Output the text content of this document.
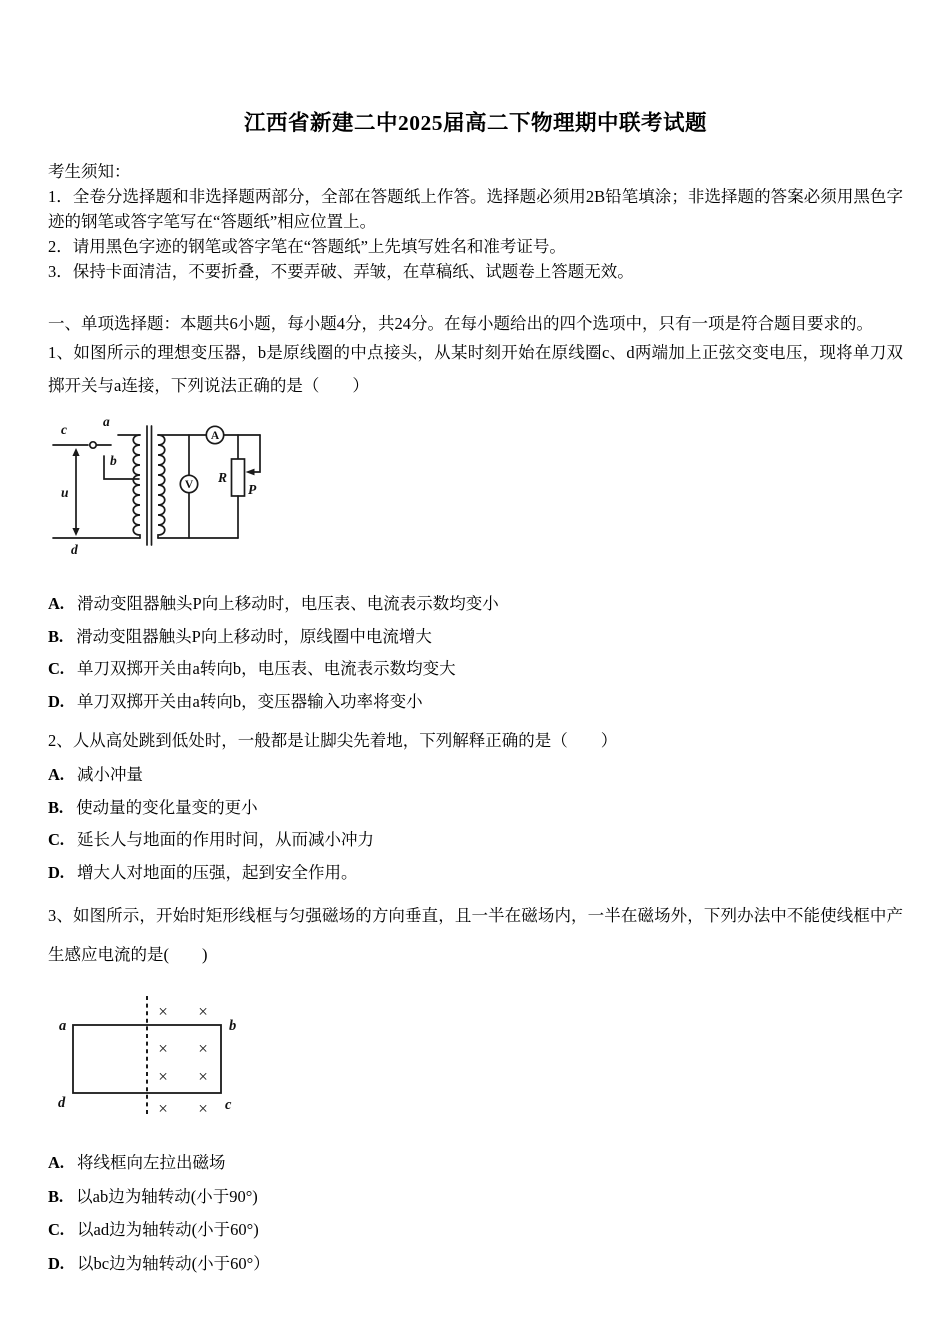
江西省新建二中2025届高二下物理期中联考试题

考生须知：

1．全卷分选择题和非选择题两部分，全部在答题纸上作答。选择题必须用2B铅笔填涂；非选择题的答案必须用黑色字迹的钢笔或答字笔写在“答题纸”相应位置上。

2．请用黑色字迹的钢笔或答字笔在“答题纸”上先填写姓名和准考证号。

3．保持卡面清洁，不要折叠，不要弄破、弄皱，在草稿纸、试题卷上答题无效。

一、单项选择题：本题共6小题，每小题4分，共24分。在每小题给出的四个选项中，只有一项是符合题目要求的。

1、如图所示的理想变压器，b是原线圈的中点接头，从某时刻开始在原线圈c、d两端加上正弦交变电压，现将单刀双掷开关与a连接，下列说法正确的是（　　）

c
a
b
u
d
A
V
R
P
A. 滑动变阻器触头P向上移动时，电压表、电流表示数均变小
B. 滑动变阻器触头P向上移动时，原线圈中电流增大
C. 单刀双掷开关由a转向b，电压表、电流表示数均变大
D. 单刀双掷开关由a转向b，变压器输入功率将变小

2、人从高处跳到低处时，一般都是让脚尖先着地，下列解释正确的是（　　）

A. 减小冲量
B. 使动量的变化量变的更小
C. 延长人与地面的作用时间，从而减小冲力
D. 增大人对地面的压强，起到安全作用。

3、如图所示，开始时矩形线框与匀强磁场的方向垂直，且一半在磁场内，一半在磁场外，下列办法中不能使线框中产生感应电流的是(　　)

× ×
× ×
× ×
× ×
a	b
d	c
A. 将线框向左拉出磁场
B. 以ab边为轴转动(小于90°)
C. 以ad边为轴转动(小于60°)
D. 以bc边为轴转动(小于60°）
